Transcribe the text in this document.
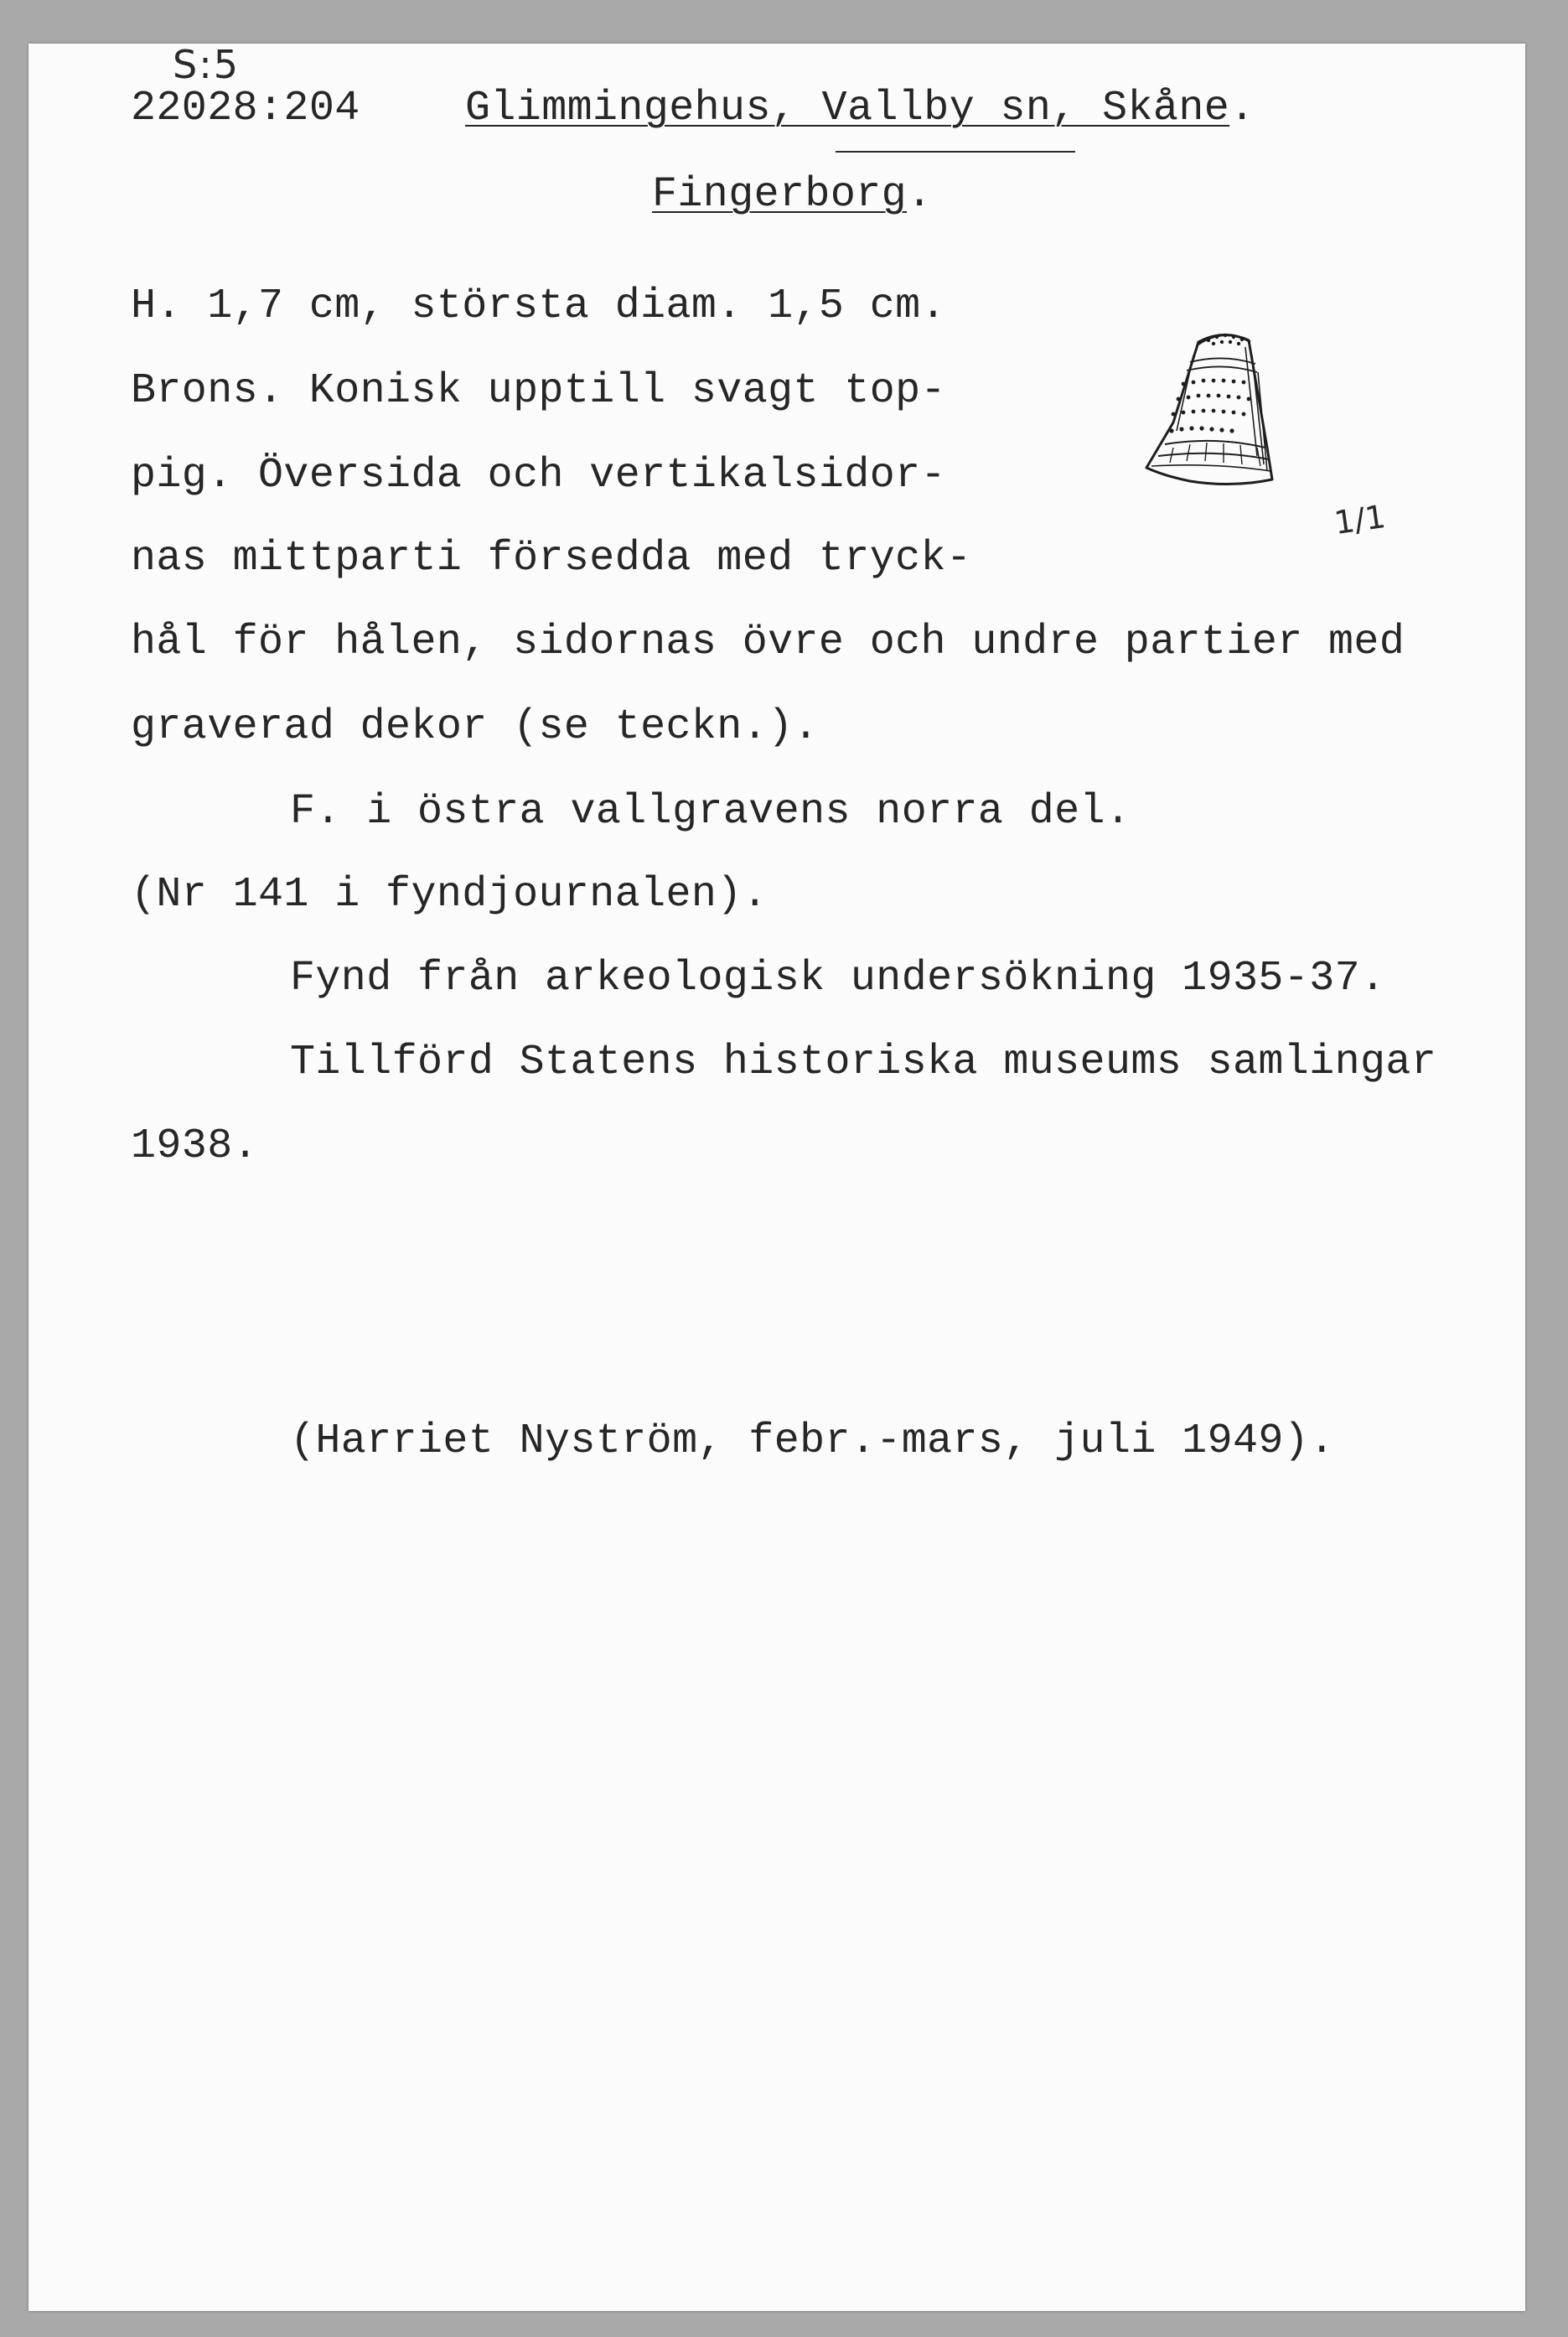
S:5
22028:204	Glimmingehus, Vallby sn, Skåne.
Fingerborg.
H. 1,7 cm, största diam. 1,5 cm.
Brons. Konisk upptill svagt top-
pig. Översida och vertikalsidor-
nas mittparti försedda med tryck-
hål för hålen, sidornas övre och undre partier med
graverad dekor (se teckn.).
F. i östra vallgravens norra del.
(Nr 141 i fyndjournalen).
Fynd från arkeologisk undersökning 1935-37.
Tillförd Statens historiska museums samlingar
1938.
(Harriet Nyström, febr.-mars, juli 1949).
1/1
